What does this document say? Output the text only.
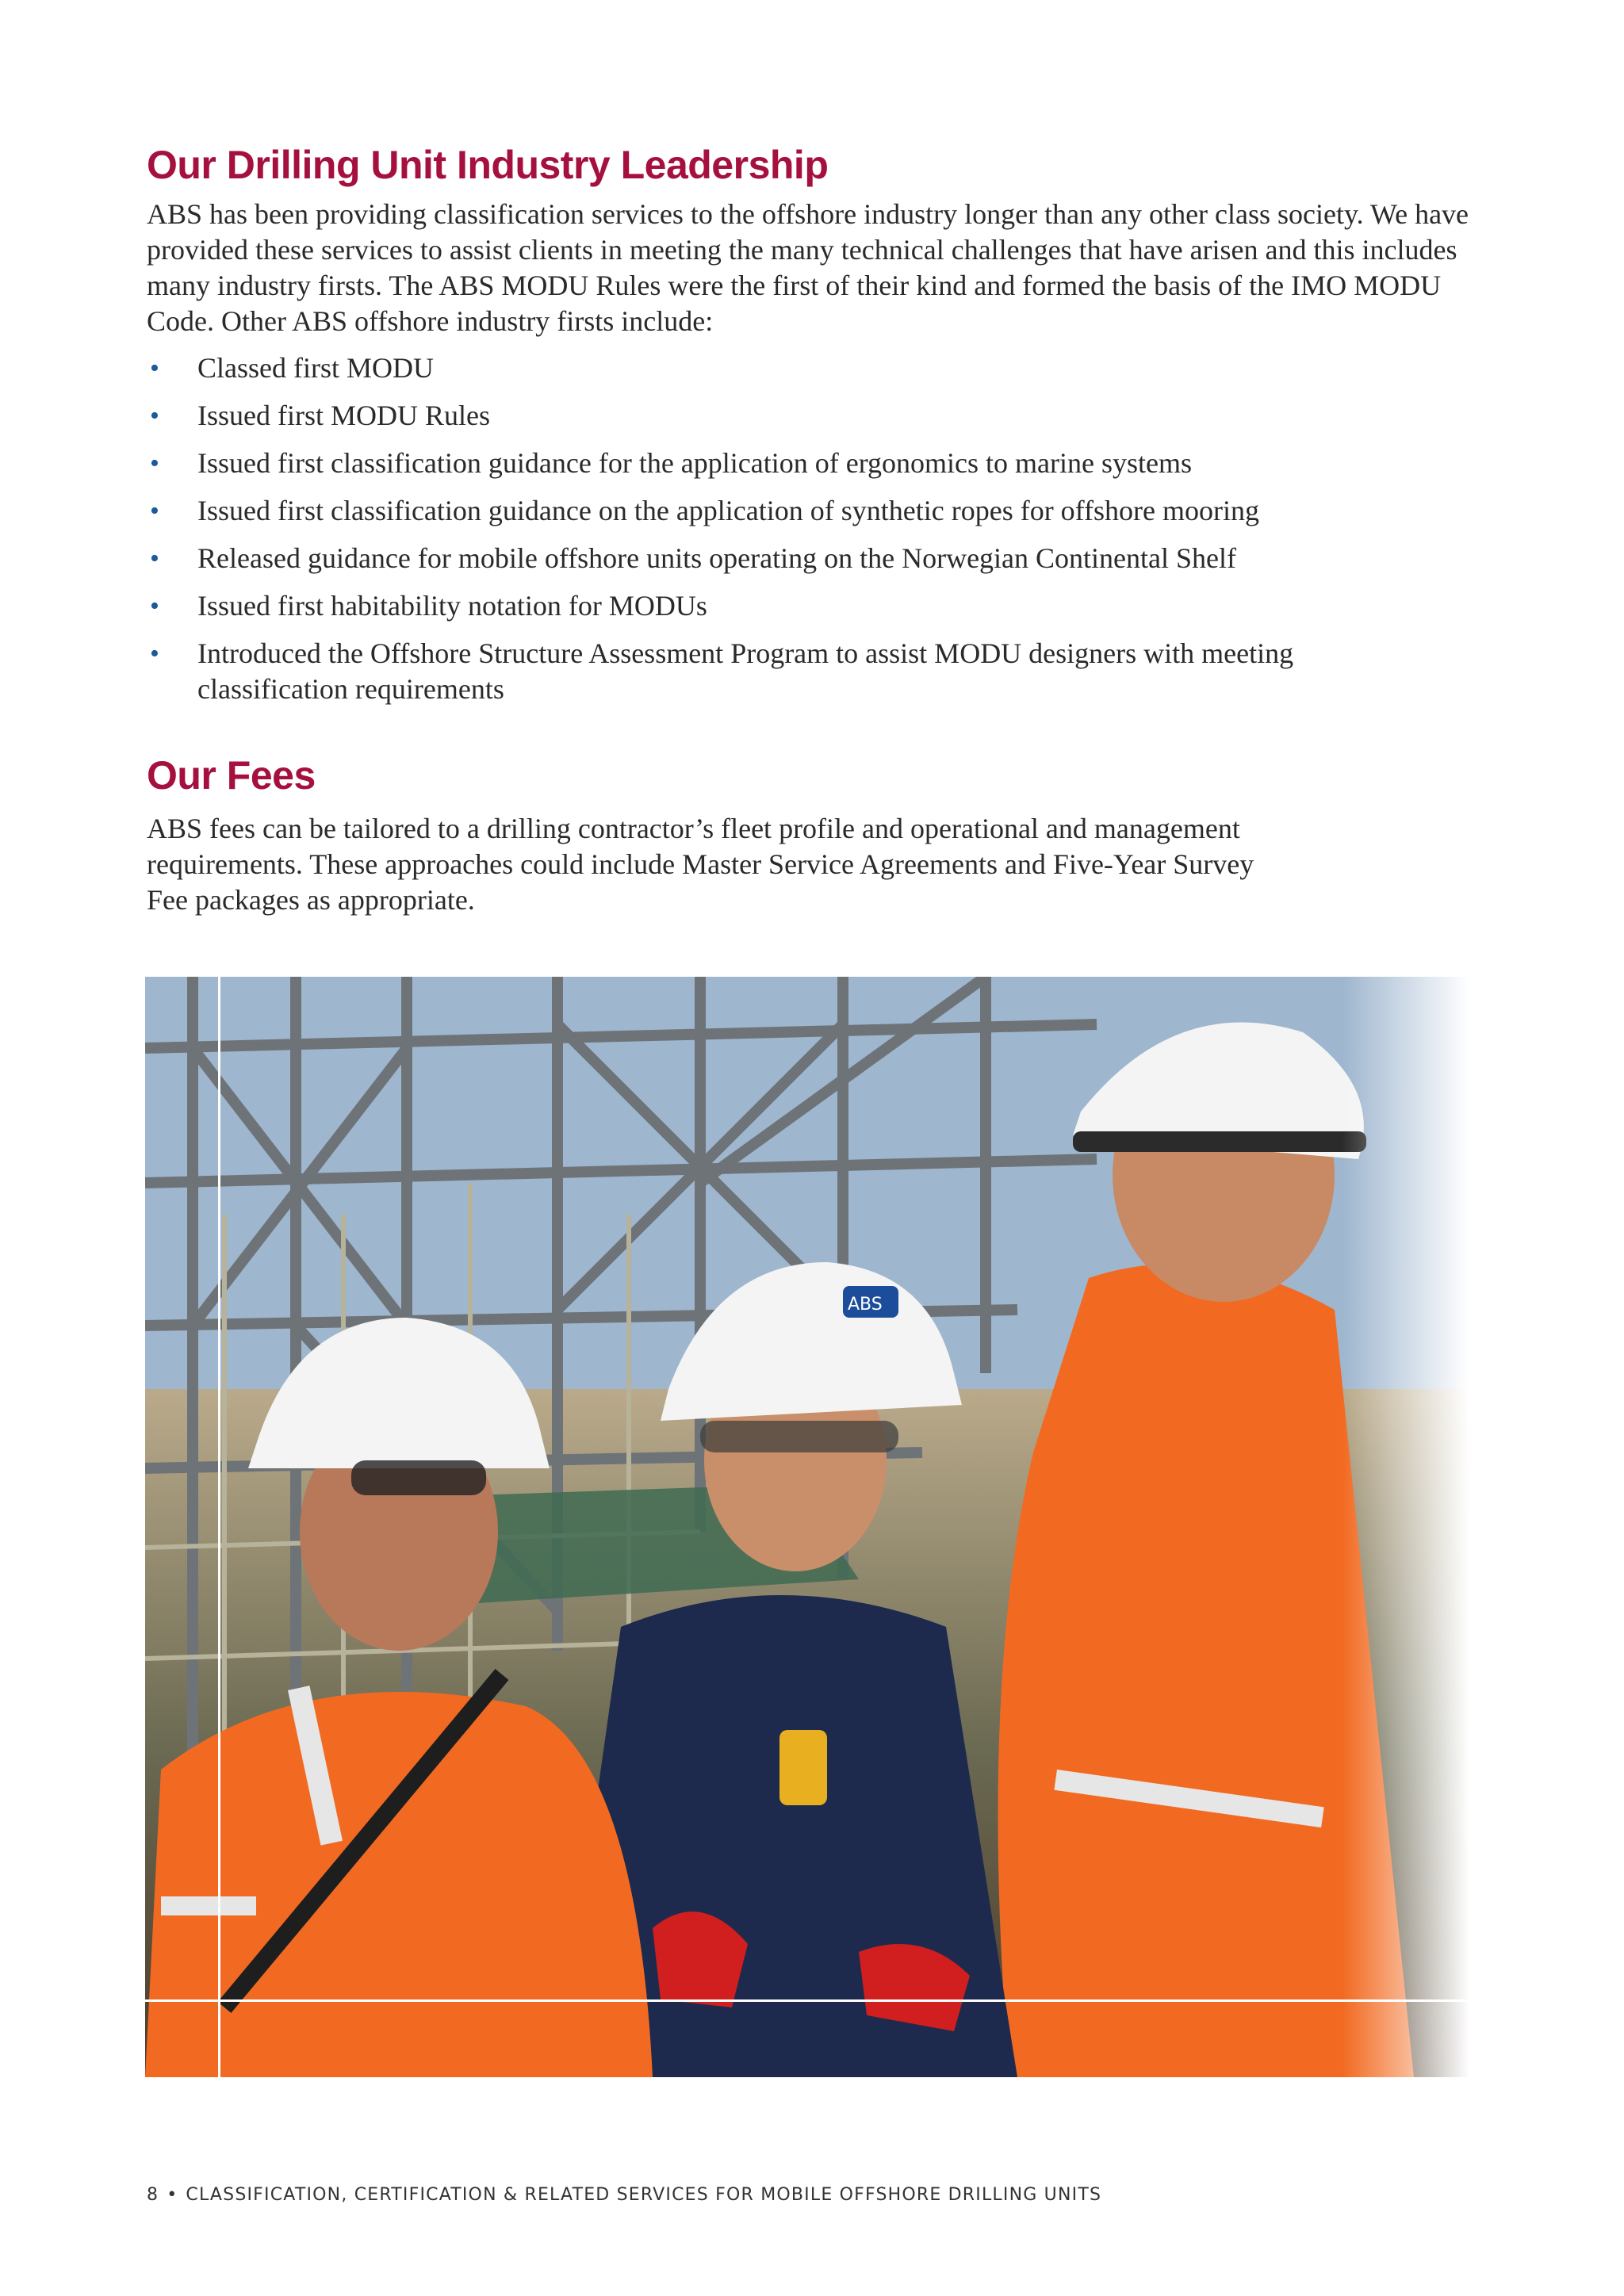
Our Drilling Unit Industry Leadership

ABS has been providing classification services to the offshore industry longer than any other class society. We have provided these services to assist clients in meeting the many technical challenges that have arisen and this includes many industry firsts. The ABS MODU Rules were the first of their kind and formed the basis of the IMO MODU Code. Other ABS offshore industry firsts include:

• Classed first MODU
• Issued first MODU Rules
• Issued first classification guidance for the application of ergonomics to marine systems
• Issued first classification guidance on the application of synthetic ropes for offshore mooring
• Released guidance for mobile offshore units operating on the Norwegian Continental Shelf
• Issued first habitability notation for MODUs
• Introduced the Offshore Structure Assessment Program to assist MODU designers with meeting classification requirements
Our Fees
ABS fees can be tailored to a drilling contractor’s fleet profile and operational and management
requirements. These approaches could include Master Service Agreements and Five-Year Survey
Fee packages as appropriate.
ABS
8 • CLASSIFICATION, CERTIFICATION & RELATED SERVICES FOR MOBILE OFFSHORE DRILLING UNITS
